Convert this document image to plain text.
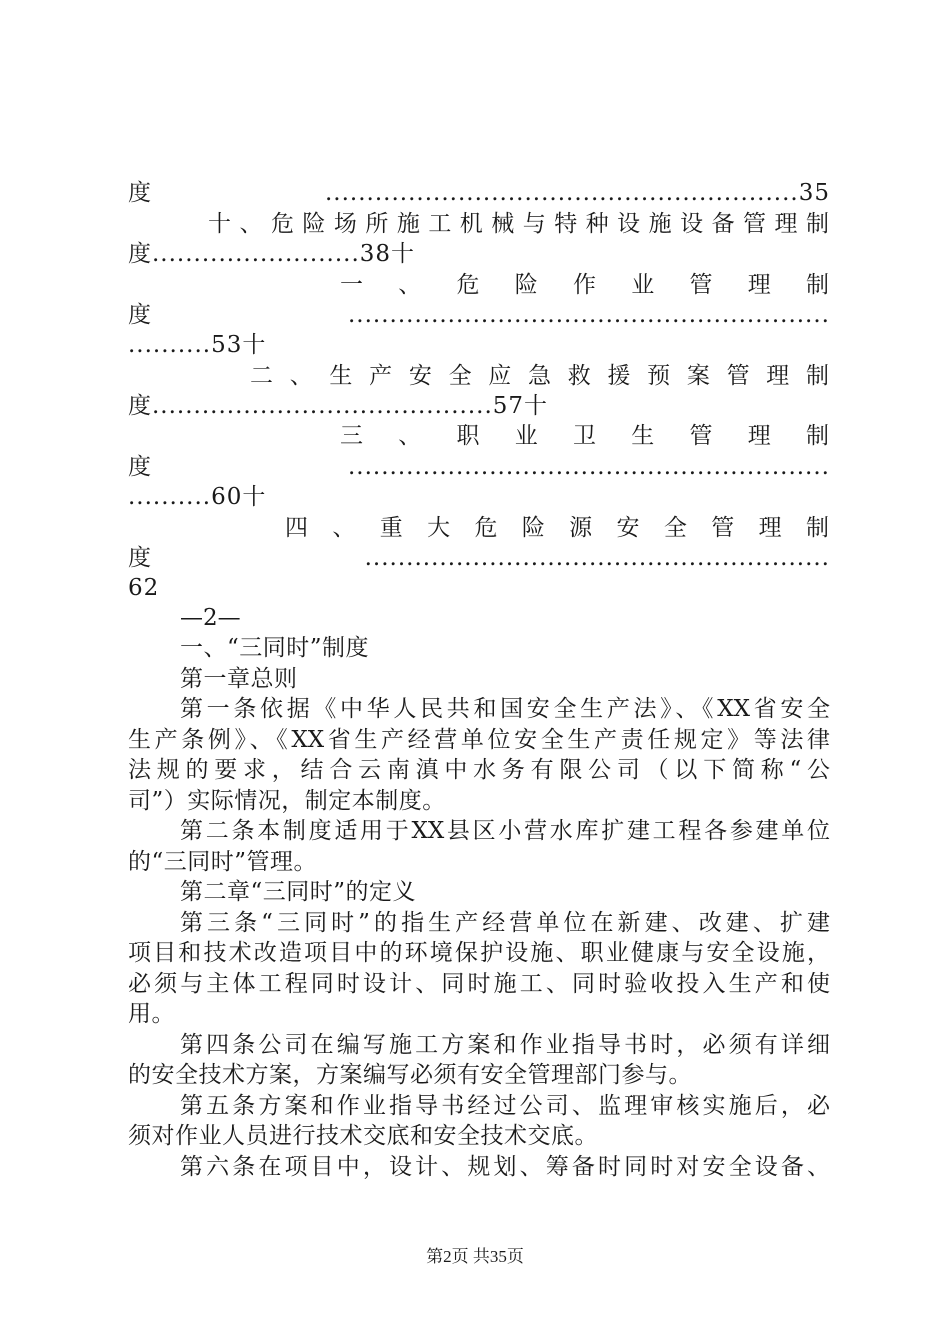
度.........................................................35
十、危险场所施工机械与特种设施设备管理制
度.........................38十
一 、 危 险 作 业 管 理 制
度..........................................................
..........53十
二、生产安全应急救援预案管理制
度.........................................57十
三 、 职 业 卫 生 管 理 制
度..........................................................
..........60十
四、重大危险源安全管理制
度........................................................
62
—2—
一、“三同时”制度
第一章总则
第一条依据《中华人民共和国安全生产法》、《XX省安全
生产条例》、《XX省生产经营单位安全生产责任规定》等法律
法规的要求，结合云南滇中水务有限公司（以下简称“公
司”）实际情况，制定本制度。
第二条本制度适用于XX县区小营水库扩建工程各参建单位
的“三同时”管理。
第二章“三同时”的定义
第三条“三同时”的指生产经营单位在新建、改建、扩建
项目和技术改造项目中的环境保护设施、职业健康与安全设施，
必须与主体工程同时设计、同时施工、同时验收投入生产和使
用。
第四条公司在编写施工方案和作业指导书时，必须有详细
的安全技术方案，方案编写必须有安全管理部门参与。
第五条方案和作业指导书经过公司、监理审核实施后，必
须对作业人员进行技术交底和安全技术交底。
第六条在项目中，设计、规划、筹备时同时对安全设备、
第2页 共35页
